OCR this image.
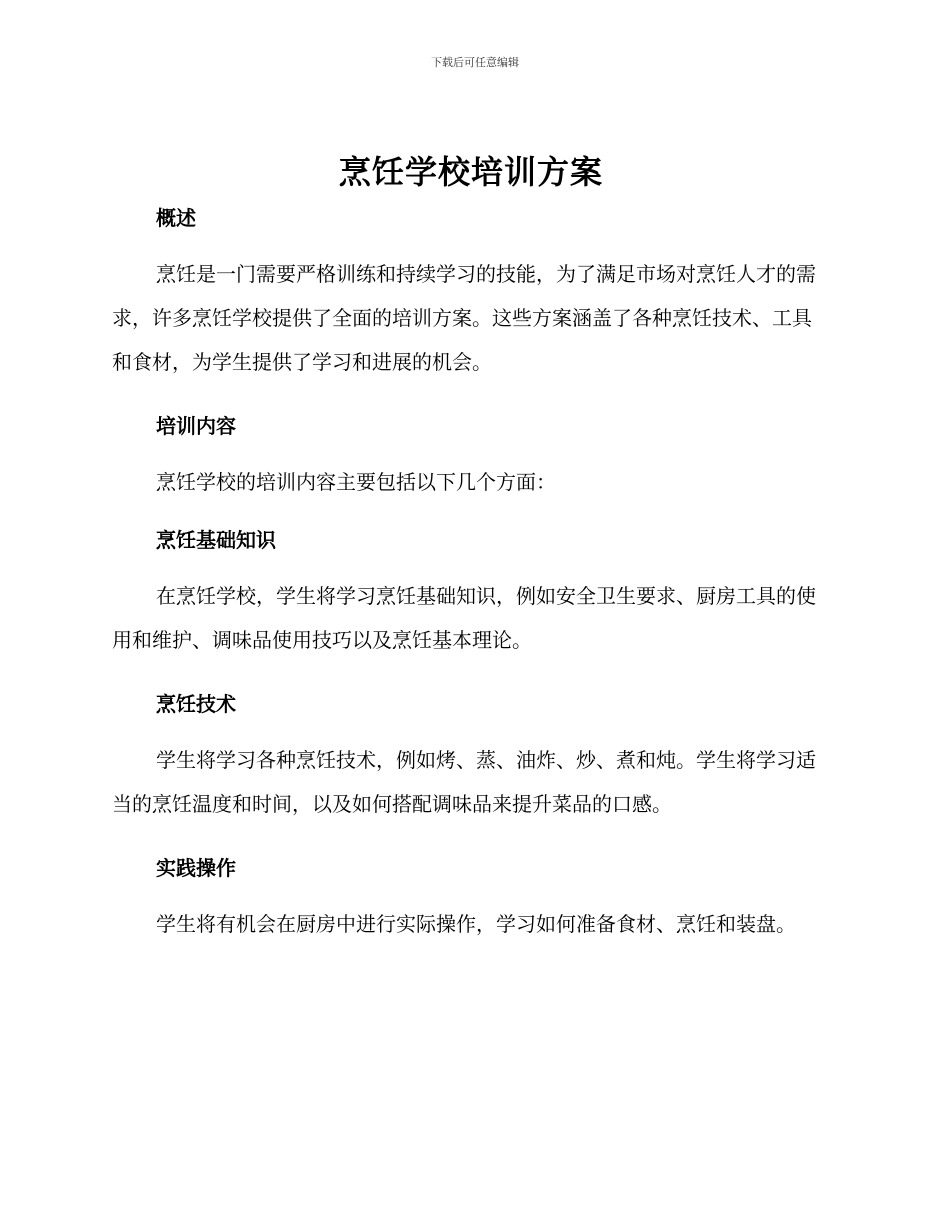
下载后可任意编辑
烹饪学校培训方案
概述

烹饪是一门需要严格训练和持续学习的技能，为了满足市场对烹饪人才的需求，许多烹饪学校提供了全面的培训方案。这些方案涵盖了各种烹饪技术、工具和食材，为学生提供了学习和进展的机会。

培训内容

烹饪学校的培训内容主要包括以下几个方面：

烹饪基础知识

在烹饪学校，学生将学习烹饪基础知识，例如安全卫生要求、厨房工具的使用和维护、调味品使用技巧以及烹饪基本理论。

烹饪技术

学生将学习各种烹饪技术，例如烤、蒸、油炸、炒、煮和炖。学生将学习适当的烹饪温度和时间，以及如何搭配调味品来提升菜品的口感。

实践操作

学生将有机会在厨房中进行实际操作，学习如何准备食材、烹饪和装盘。
